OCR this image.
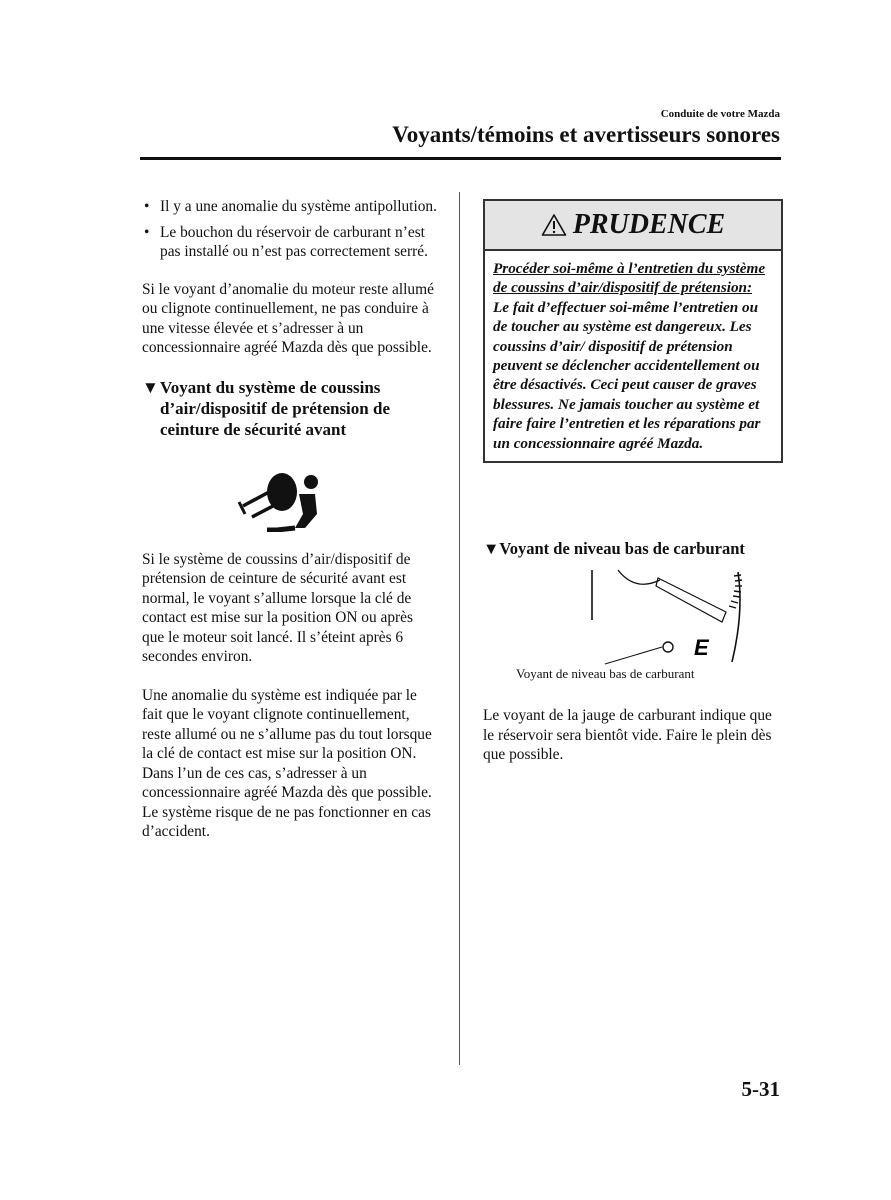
Conduite de votre Mazda
Voyants/témoins et avertisseurs sonores
• Il y a une anomalie du système antipollution.
• Le bouchon du réservoir de carburant n’est pas installé ou n’est pas correctement serré.

Si le voyant d’anomalie du moteur reste allumé ou clignote continuellement, ne pas conduire à une vitesse élevée et s’adresser à un concessionnaire agréé Mazda dès que possible.

▼ Voyant du système de coussins d’air/dispositif de prétension de ceinture de sécurité avant

Si le système de coussins d’air/dispositif de prétension de ceinture de sécurité avant est normal, le voyant s’allume lorsque la clé de contact est mise sur la position ON ou après que le moteur soit lancé. Il s’éteint après 6 secondes environ.

Une anomalie du système est indiquée par le fait que le voyant clignote continuellement, reste allumé ou ne s’allume pas du tout lorsque la clé de contact est mise sur la position ON. Dans l’un de ces cas, s’adresser à un concessionnaire agréé Mazda dès que possible. Le système risque de ne pas fonctionner en cas d’accident.

PRUDENCE
Procéder soi-même à l’entretien du système de coussins d’air/dispositif de prétension:
Le fait d’effectuer soi-même l’entretien ou de toucher au système est dangereux. Les coussins d’air/ dispositif de prétension peuvent se déclencher accidentellement ou être désactivés. Ceci peut causer de graves blessures. Ne jamais toucher au système et faire faire l’entretien et les réparations par un concessionnaire agréé Mazda.
▼Voyant de niveau bas de carburant
E
Voyant de niveau bas de carburant
Le voyant de la jauge de carburant indique que le réservoir sera bientôt vide. Faire le plein dès que possible.
5-31
